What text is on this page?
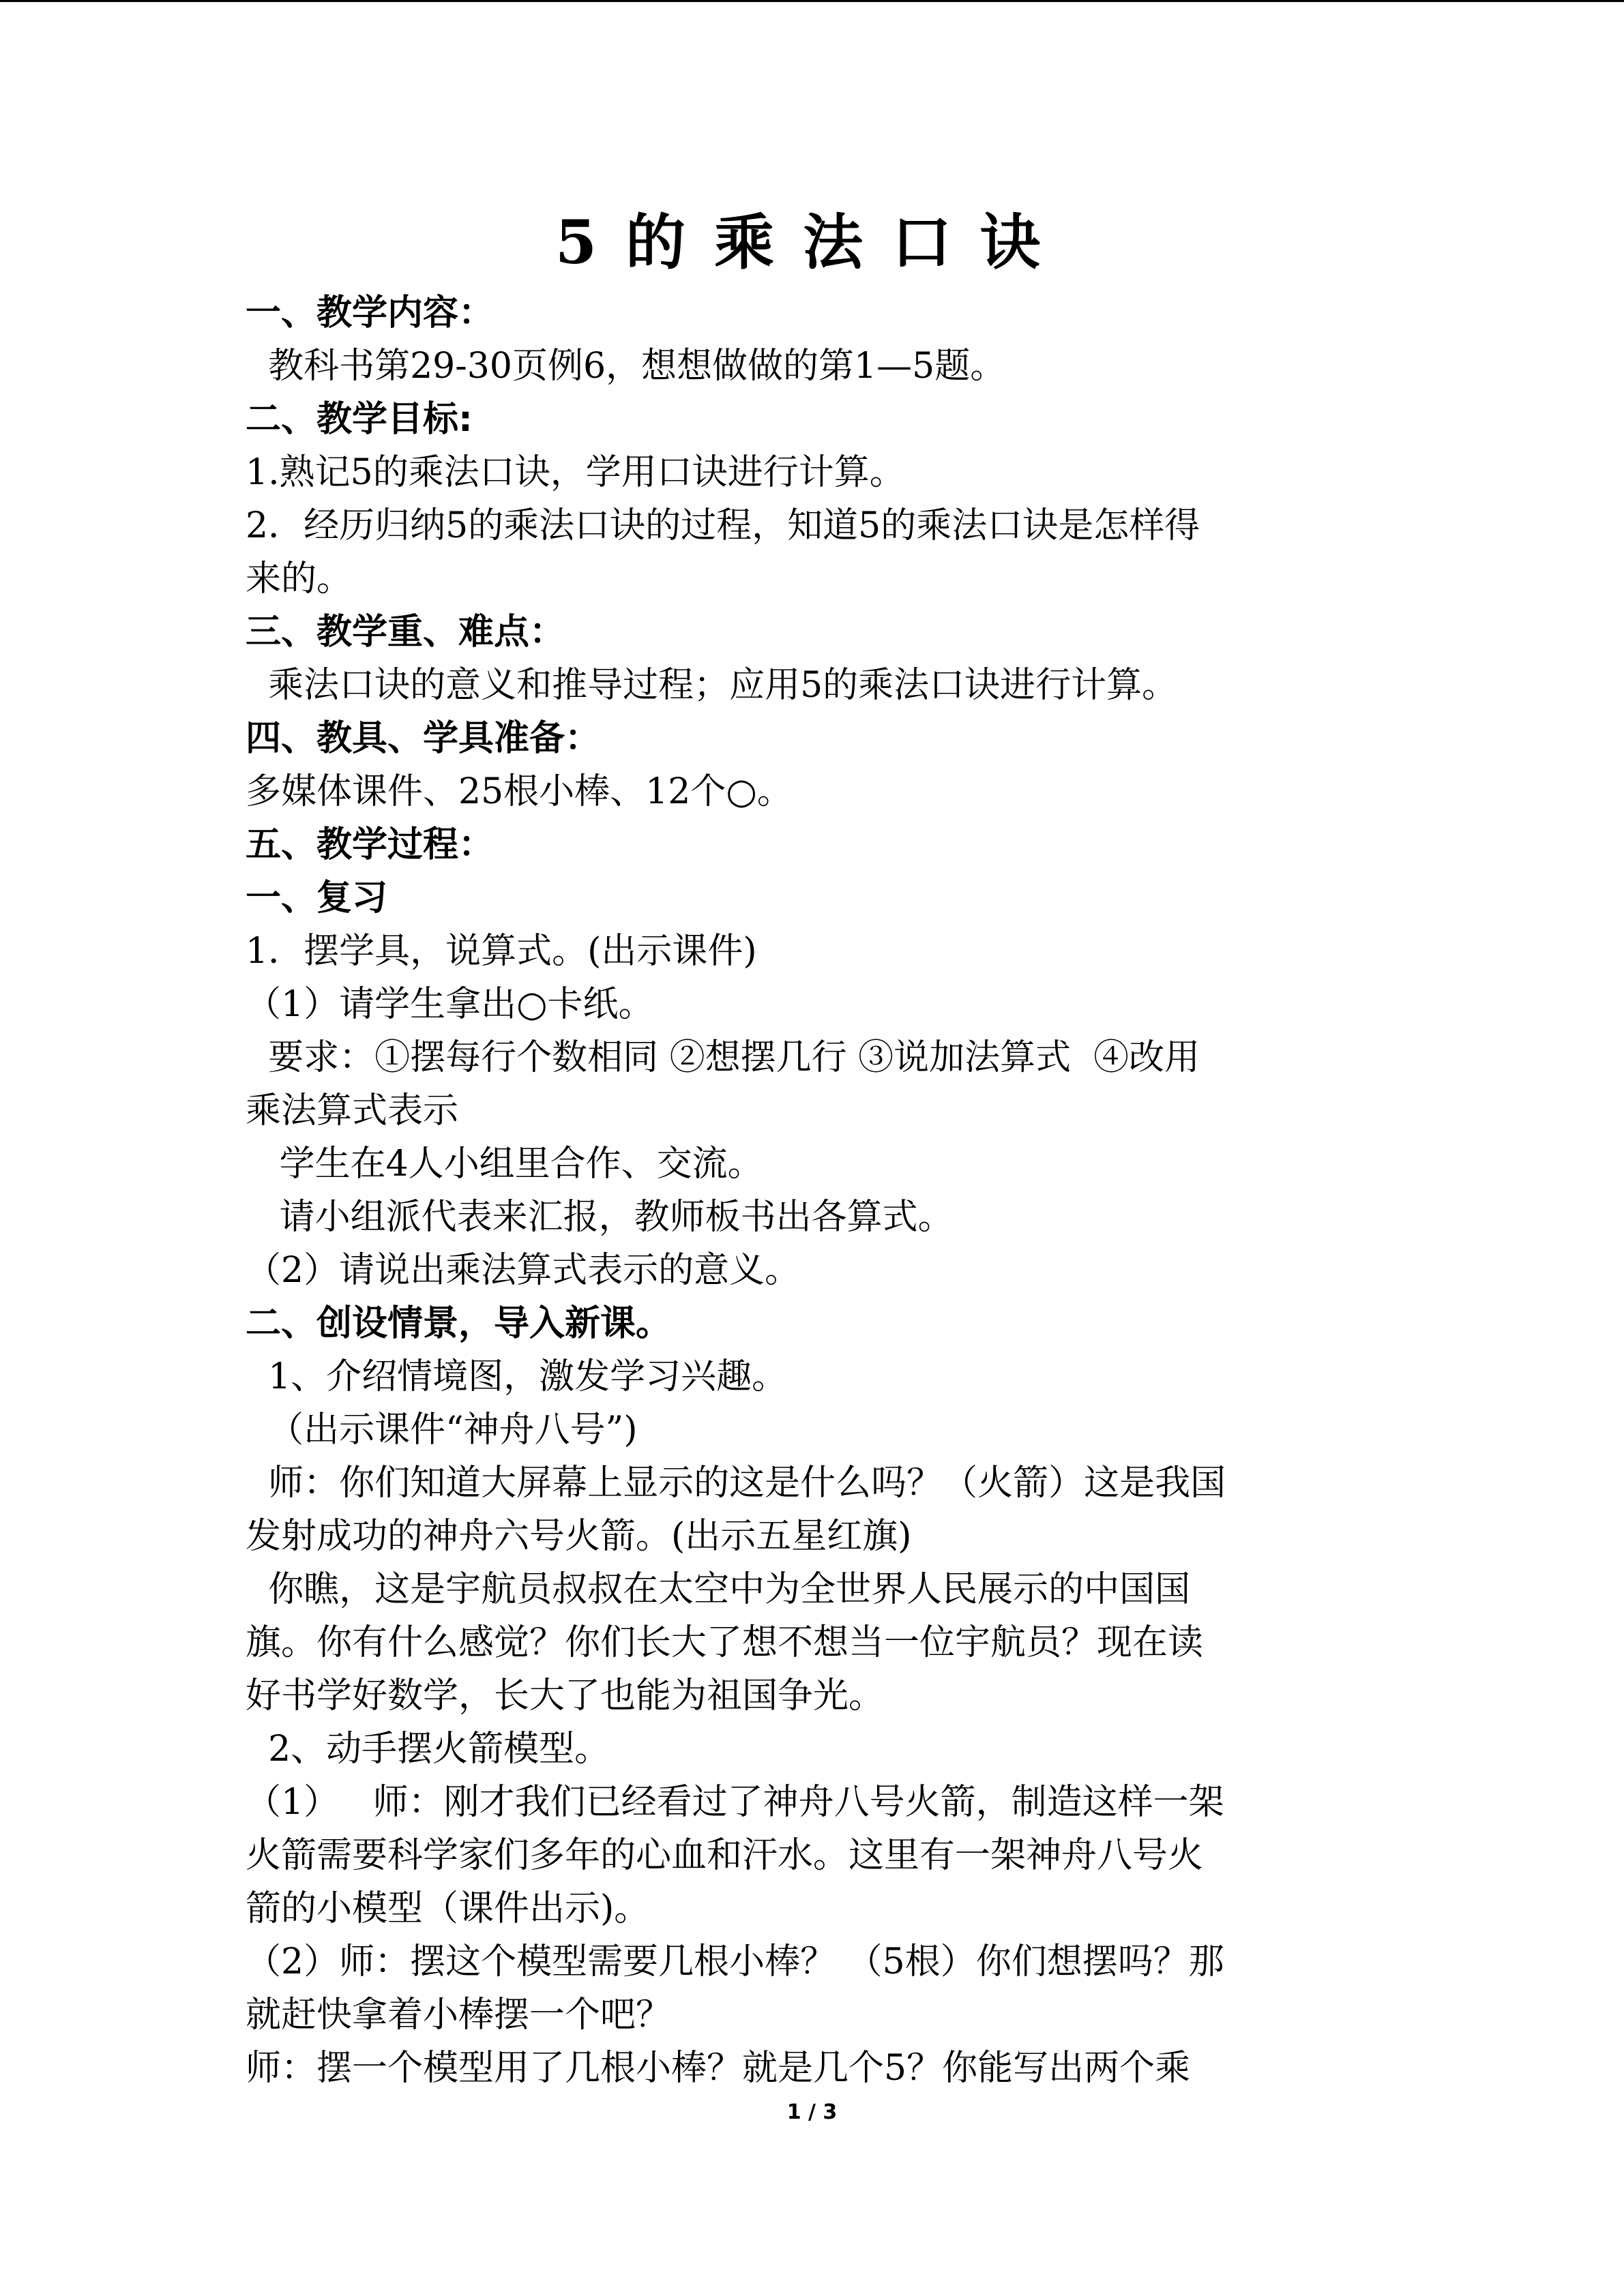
5的乘法口诀
一、教学内容：
教科书第29-30页例6，想想做做的第1—5题。
二、教学目标:
1.熟记5的乘法口诀，学用口诀进行计算。
2．经历归纳5的乘法口诀的过程，知道5的乘法口诀是怎样得
来的。
三、教学重、难点：
乘法口诀的意义和推导过程；应用5的乘法口诀进行计算。
四、教具、学具准备：
多媒体课件、25根小棒、12个○。
五、教学过程：
一、复习
1．摆学具，说算式。(出示课件)
（1）请学生拿出○卡纸。
要求：①摆每行个数相同 ②想摆几行 ③说加法算式  ④改用
乘法算式表示
学生在4人小组里合作、交流。
请小组派代表来汇报，教师板书出各算式。
（2）请说出乘法算式表示的意义。
二、创设情景，导入新课。
1、介绍情境图，激发学习兴趣。
（出示课件“神舟八号”)
师：你们知道大屏幕上显示的这是什么吗？（火箭）这是我国
发射成功的神舟六号火箭。(出示五星红旗)
你瞧，这是宇航员叔叔在太空中为全世界人民展示的中国国
旗。你有什么感觉？你们长大了想不想当一位宇航员？现在读
好书学好数学，长大了也能为祖国争光。
2、动手摆火箭模型。
（1）   师：刚才我们已经看过了神舟八号火箭，制造这样一架
火箭需要科学家们多年的心血和汗水。这里有一架神舟八号火
箭的小模型（课件出示)。
（2）师：摆这个模型需要几根小棒？ （5根）你们想摆吗？那
就赶快拿着小棒摆一个吧？
师：摆一个模型用了几根小棒？就是几个5？你能写出两个乘
1 / 3
